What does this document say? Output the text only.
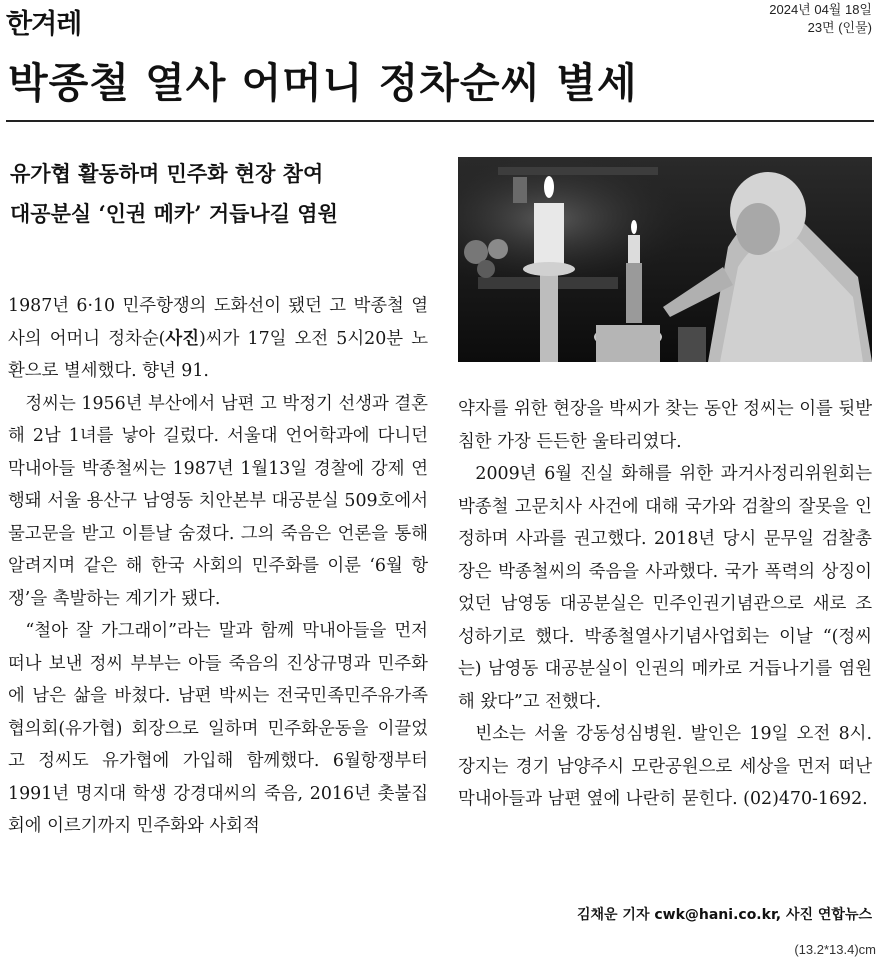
한겨레	2024년 04월 18일
23면 (인물)
박종철 열사 어머니 정차순씨 별세
유가협 활동하며 민주화 현장 참여
대공분실 ‘인권 메카’ 거듭나길 염원

1987년 6·10 민주항쟁의 도화선이 됐던 고 박종철 열사의 어머니 정차순(사진)씨가 17일 오전 5시20분 노환으로 별세했다. 향년 91.

정씨는 1956년 부산에서 남편 고 박정기 선생과 결혼해 2남 1녀를 낳아 길렀다. 서울대 언어학과에 다니던 막내아들 박종철씨는 1987년 1월13일 경찰에 강제 연행돼 서울 용산구 남영동 치안본부 대공분실 509호에서 물고문을 받고 이튿날 숨졌다. 그의 죽음은 언론을 통해 알려지며 같은 해 한국 사회의 민주화를 이룬 ‘6월 항쟁’을 촉발하는 계기가 됐다.

“철아 잘 가그래이”라는 말과 함께 막내아들을 먼저 떠나 보낸 정씨 부부는 아들 죽음의 진상규명과 민주화에 남은 삶을 바쳤다. 남편 박씨는 전국민족민주유가족협의회(유가협) 회장으로 일하며 민주화운동을 이끌었고 정씨도 유가협에 가입해 함께했다. 6월항쟁부터 1991년 명지대 학생 강경대씨의 죽음, 2016년 촛불집회에 이르기까지 민주화와 사회적

약자를 위한 현장을 박씨가 찾는 동안 정씨는 이를 뒷받침한 가장 든든한 울타리였다.

2009년 6월 진실 화해를 위한 과거사정리위원회는 박종철 고문치사 사건에 대해 국가와 검찰의 잘못을 인정하며 사과를 권고했다. 2018년 당시 문무일 검찰총장은 박종철씨의 죽음을 사과했다. 국가 폭력의 상징이었던 남영동 대공분실은 민주인권기념관으로 새로 조성하기로 했다. 박종철열사기념사업회는 이날 “(정씨는) 남영동 대공분실이 인권의 메카로 거듭나기를 염원해 왔다”고 전했다.

빈소는 서울 강동성심병원. 발인은 19일 오전 8시. 장지는 경기 남양주시 모란공원으로 세상을 먼저 떠난 막내아들과 남편 옆에 나란히 묻힌다. (02)470-1692.

김채운 기자 cwk@hani.co.kr, 사진 연합뉴스
(13.2*13.4)cm
